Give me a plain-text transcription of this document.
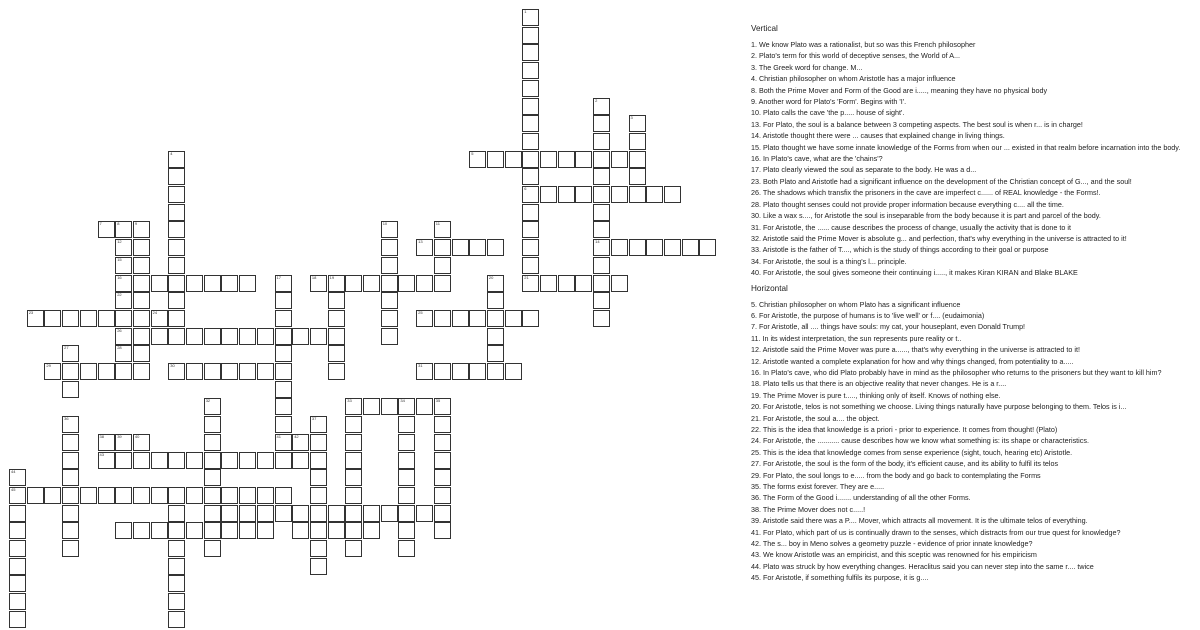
5
13	14
7	8	9
18	19	21
23	24	25
29	30	31
33	34	35
38	39	40	41	42
43
45
1
6
2
3
4
12
15
16
22
26
28
10	11
17	20
27
32
37
36
44
Vertical
1. We know Plato was a rationalist, but so was this French philosopher
2. Plato's term for this world of deceptive senses, the World of A...
3. The Greek word for change. M...
4. Christian philosopher on whom Aristotle has a major influence
8. Both the Prime Mover and Form of the Good are i....., meaning they have no physical body
9. Another word for Plato's 'Form'. Begins with 'I'.
10. Plato calls the cave 'the p..... house of sight'.
13. For Plato, the soul is a balance between 3 competing aspects. The best soul is when r... is in charge!
14. Aristotle thought there were ... causes that explained change in living things.
15. Plato thought we have some innate knowledge of the Forms from when our ... existed in that realm before incarnation into the body.
16. In Plato's cave, what are the 'chains'?
17. Plato clearly viewed the soul as separate to the body. He was a d...
23. Both Plato and Aristotle had a significant influence on the development of the Christian concept of G..., and the soul!
26. The shadows which transfix the prisoners in the cave are imperfect c...... of REAL knowledge - the Forms!.
28. Plato thought senses could not provide proper information because everything c.... all the time.
30. Like a wax s...., for Aristotle the soul is inseparable from the body because it is part and parcel of the body.
31. For Aristotle, the ...... cause describes the process of change, usually the activity that is done to it
32. Aristotle said the Prime Mover is absolute g... and perfection, that's why everything in the universe is attracted to it!
33. Aristotle is the father of T...., which is the study of things according to their goal or purpose
34. For Aristotle, the soul is a thing's l... principle.
40. For Aristotle, the soul gives someone their continuing i....., it makes Kiran KIRAN and Blake BLAKE
Horizontal
5. Christian philosopher on whom Plato has a significant influence
6. For Aristotle, the purpose of humans is to 'live well' or f.... (eudaimonia)
7. For Aristotle, all .... things have souls: my cat, your houseplant, even Donald Trump!
11. In its widest interpretation, the sun represents pure reality or t..
12. Aristotle said the Prime Mover was pure a......, that's why everything in the universe is attracted to it!
12. Aristotle wanted a complete explanation for how and why things changed, from potentiality to a.....
16. In Plato's cave, who did Plato probably have in mind as the philosopher who returns to the prisoners but they want to kill him?
18. Plato tells us that there is an objective reality that never changes. He is a r....
19. The Prime Mover is pure t....., thinking only of itself. Knows of nothing else.
20. For Aristotle, telos is not something we choose. Living things naturally have purpose belonging to them. Telos is i...
21. For Aristotle, the soul a.... the object.
22. This is the idea that knowledge is a priori - prior to experience. It comes from thought! (Plato)
24. For Aristotle, the ........... cause describes how we know what something is: its shape or characteristics.
25. This is the idea that knowledge comes from sense experience (sight, touch, hearing etc) Aristotle.
27. For Aristotle, the soul is the form of the body, it's efficient cause, and its ability to fulfil its telos
29. For Plato, the soul longs to e..... from the body and go back to contemplating the Forms
35. The forms exist forever. They are e.....
36. The Form of the Good i....... understanding of all the other Forms.
38. The Prime Mover does not c.....!
39. Aristotle said there was a P.... Mover, which attracts all movement. It is the ultimate telos of everything.
41. For Plato, which part of us is continually drawn to the senses, which distracts from our true quest for knowledge?
42. The s... boy in Meno solves a geometry puzzle - evidence of prior innate knowledge?
43. We know Aristotle was an empiricist, and this sceptic was renowned for his empiricism
44. Plato was struck by how everything changes. Heraclitus said you can never step into the same r.... twice
45. For Aristotle, if something fulfils its purpose, it is g....
